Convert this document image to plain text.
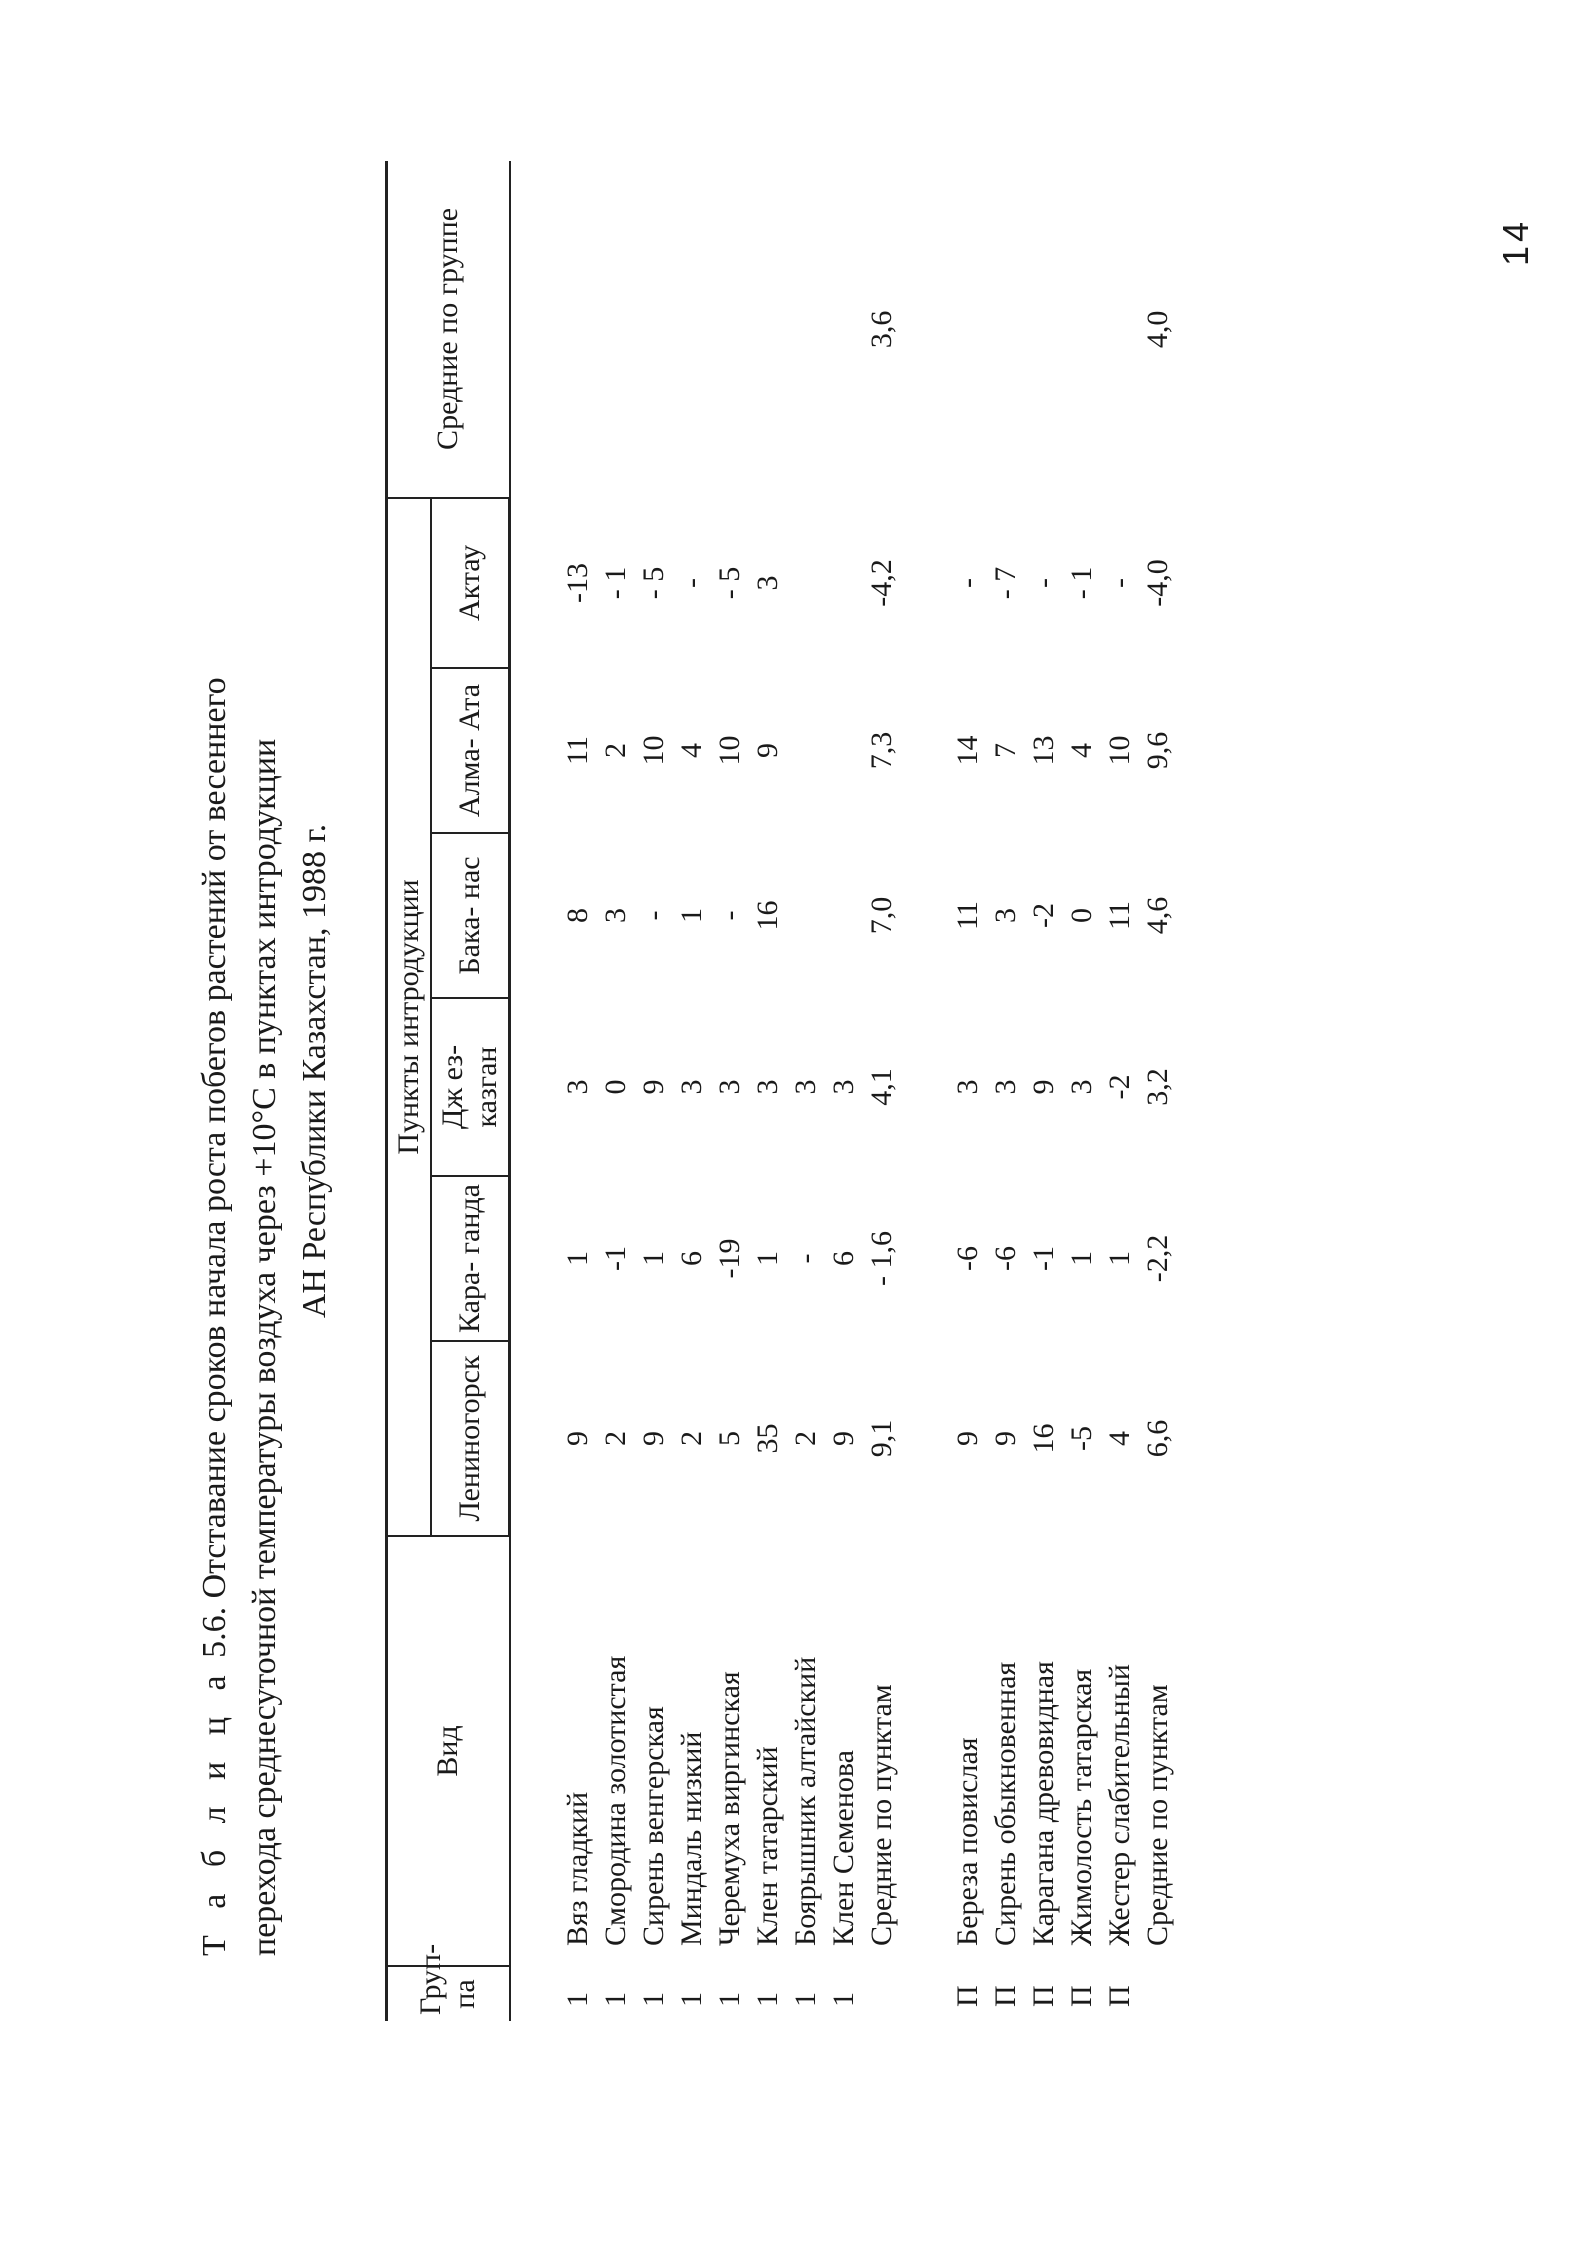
Т а б л и ц а 5.6. Отставание сроков начала роста побегов растений от весеннего перехода среднесуточной температуры воздуха через +10°С в пунктах интродукции АН Республики Казахстан, 1988 г.
Груп- па	Вид	Пункты интродукции						Средние по группе
		Лениногорск	Кара- ганда	Дж ез- казган	Бака- нас	Алма- Ата	Актау	

1	Вяз гладкий	9	1	3	8	11	-13	
1	Смородина золотистая	2	-1	0	3	2	- 1	
1	Сирень венгерская	9	1	9	-	10	- 5	
1	Миндаль низкий	2	6	3	1	4	-	
1	Черемуха виргинская	5	-19	3	-	10	- 5	
1	Клен татарский	35	1	3	16	9	3	
1	Боярышник алтайский	2	-	3				
1	Клен Семенова	9	6	3				
	Средние по пунктам	9,1	- 1,6	4,1	7,0	7,3	-4,2	3,6

П	Береза повислая	9	-6	3	11	14	-	
П	Сирень обыкновенная	9	-6	3	3	7	- 7	
П	Карагана древовидная	16	-1	9	-2	13	-	
П	Жимолость татарская	-5	1	3	0	4	- 1	
П	Жестер слабительный	4	1	-2	11	10	-	
	Средние по пунктам	6,6	-2,2	3,2	4,6	9,6	-4,0	4,0
14
